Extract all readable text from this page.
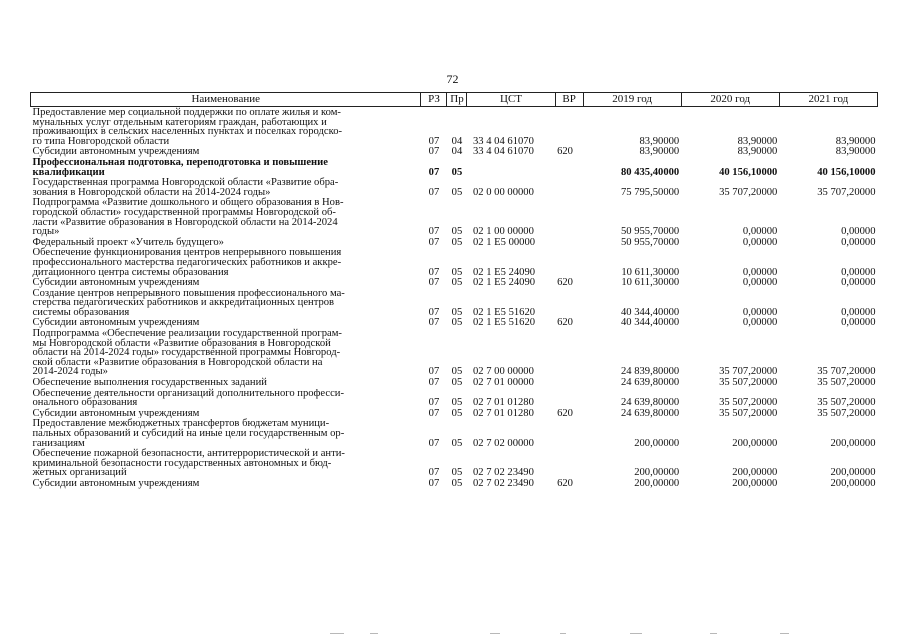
72
Наименование	РЗ	Пр	ЦСТ	ВР	2019 год	2020 год	2021 год
Предоставление мер социальной поддержки по оплате жилья и ком-
мунальных услуг отдельным категориям граждан, работающих и
проживающих в сельских населенных пунктах и поселках городско-
го типа Новгородской области	07	04	33 4 04 61070		83,90000	83,90000	83,90000
Субсидии автономным учреждениям	07	04	33 4 04 61070	620	83,90000	83,90000	83,90000
Профессиональная подготовка, переподготовка и повышение
квалификации	07	05			80 435,40000	40 156,10000	40 156,10000
Государственная программа Новгородской области «Развитие обра-
зования в Новгородской области на 2014-2024 годы»	07	05	02 0 00 00000		75 795,50000	35 707,20000	35 707,20000
Подпрограмма «Развитие дошкольного и общего образования в Нов-
городской области» государственной программы Новгородской об-
ласти «Развитие образования в Новгородской области на 2014-2024
годы»	07	05	02 1 00 00000		50 955,70000	0,00000	0,00000
Федеральный проект «Учитель будущего»	07	05	02 1 E5 00000		50 955,70000	0,00000	0,00000
Обеспечение функционирования центров непрерывного повышения
профессионального мастерства педагогических работников и аккре-
дитационного центра системы образования	07	05	02 1 E5 24090		10 611,30000	0,00000	0,00000
Субсидии автономным учреждениям	07	05	02 1 E5 24090	620	10 611,30000	0,00000	0,00000
Создание центров непрерывного повышения профессионального ма-
стерства педагогических работников и аккредитационных центров
системы образования	07	05	02 1 E5 51620		40 344,40000	0,00000	0,00000
Субсидии автономным учреждениям	07	05	02 1 E5 51620	620	40 344,40000	0,00000	0,00000
Подпрограмма «Обеспечение реализации государственной програм-
мы Новгородской области «Развитие образования в Новгородской
области на 2014-2024 годы» государственной программы Новгород-
ской области «Развитие образования в Новгородской области на
2014-2024 годы»	07	05	02 7 00 00000		24 839,80000	35 707,20000	35 707,20000
Обеспечение выполнения государственных заданий	07	05	02 7 01 00000		24 639,80000	35 507,20000	35 507,20000
Обеспечение деятельности организаций дополнительного професси-
онального образования	07	05	02 7 01 01280		24 639,80000	35 507,20000	35 507,20000
Субсидии автономным учреждениям	07	05	02 7 01 01280	620	24 639,80000	35 507,20000	35 507,20000
Предоставление межбюджетных трансфертов бюджетам муници-
пальных образований и субсидий на иные цели государственным ор-
ганизациям	07	05	02 7 02 00000		200,00000	200,00000	200,00000
Обеспечение пожарной безопасности, антитеррористической и анти-
криминальной безопасности государственных автономных и бюд-
жетных организаций	07	05	02 7 02 23490		200,00000	200,00000	200,00000
Субсидии автономным учреждениям	07	05	02 7 02 23490	620	200,00000	200,00000	200,00000
